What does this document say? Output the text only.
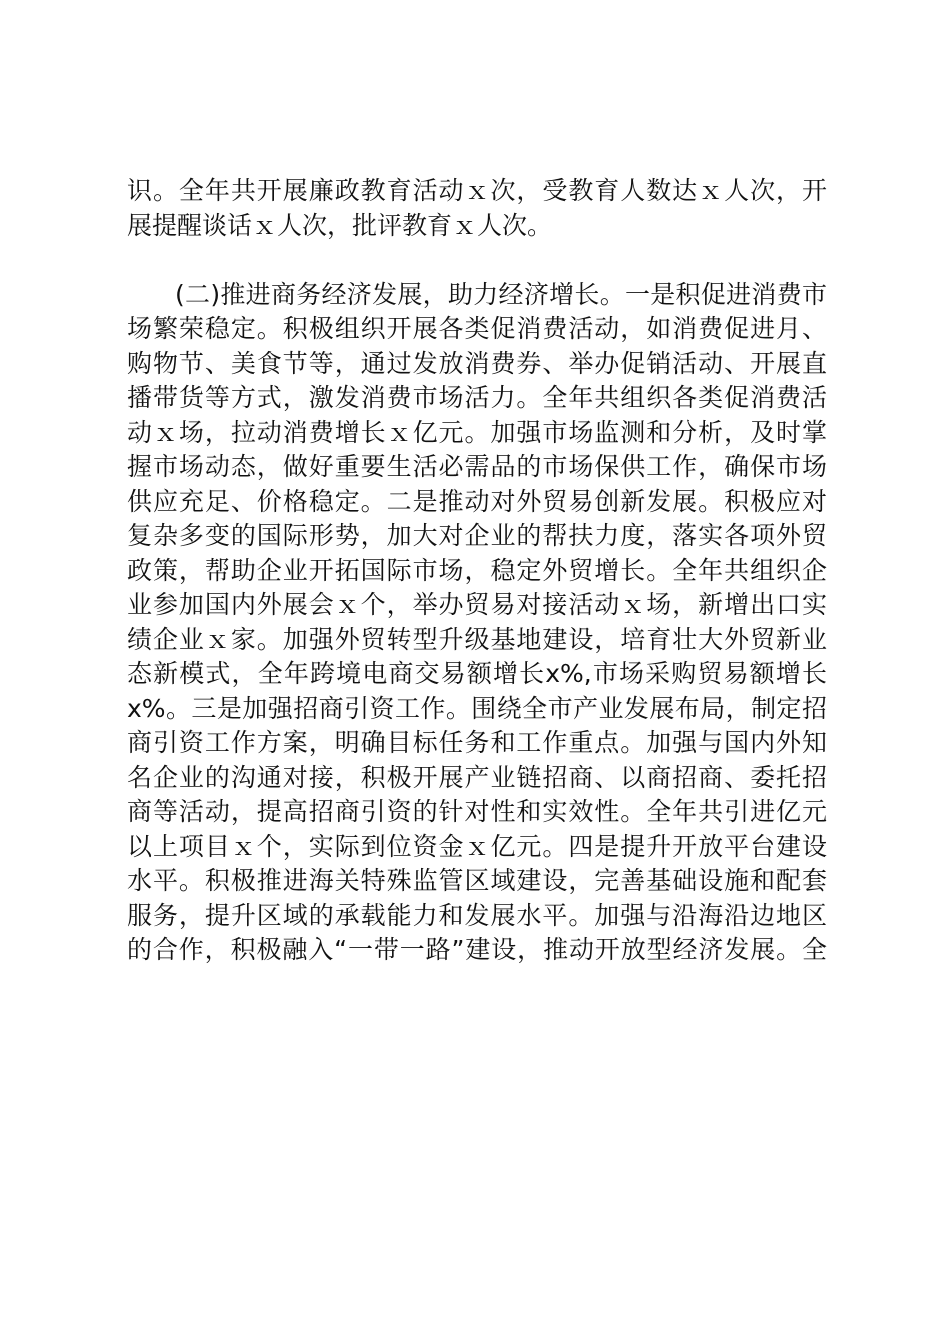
识。全年共开展廉政教育活动ｘ次，受教育人数达ｘ人次，开
展提醒谈话ｘ人次，批评教育ｘ人次。
(二)推进商务经济发展，助力经济增长。一是积促进消费市
场繁荣稳定。积极组织开展各类促消费活动，如消费促进月、
购物节、美食节等，通过发放消费券、举办促销活动、开展直
播带货等方式，激发消费市场活力。全年共组织各类促消费活
动ｘ场，拉动消费增长ｘ亿元。加强市场监测和分析，及时掌
握市场动态，做好重要生活必需品的市场保供工作，确保市场
供应充足、价格稳定。二是推动对外贸易创新发展。积极应对
复杂多变的国际形势，加大对企业的帮扶力度，落实各项外贸
政策，帮助企业开拓国际市场，稳定外贸增长。全年共组织企
业参加国内外展会ｘ个，举办贸易对接活动ｘ场，新增出口实
绩企业ｘ家。加强外贸转型升级基地建设，培育壮大外贸新业
态新模式，全年跨境电商交易额增长x%,市场采购贸易额增长
x%。三是加强招商引资工作。围绕全市产业发展布局，制定招
商引资工作方案，明确目标任务和工作重点。加强与国内外知
名企业的沟通对接，积极开展产业链招商、以商招商、委托招
商等活动，提高招商引资的针对性和实效性。全年共引进亿元
以上项目ｘ个，实际到位资金ｘ亿元。四是提升开放平台建设
水平。积极推进海关特殊监管区域建设，完善基础设施和配套
服务，提升区域的承载能力和发展水平。加强与沿海沿边地区
的合作，积极融入“一带一路”建设，推动开放型经济发展。全
